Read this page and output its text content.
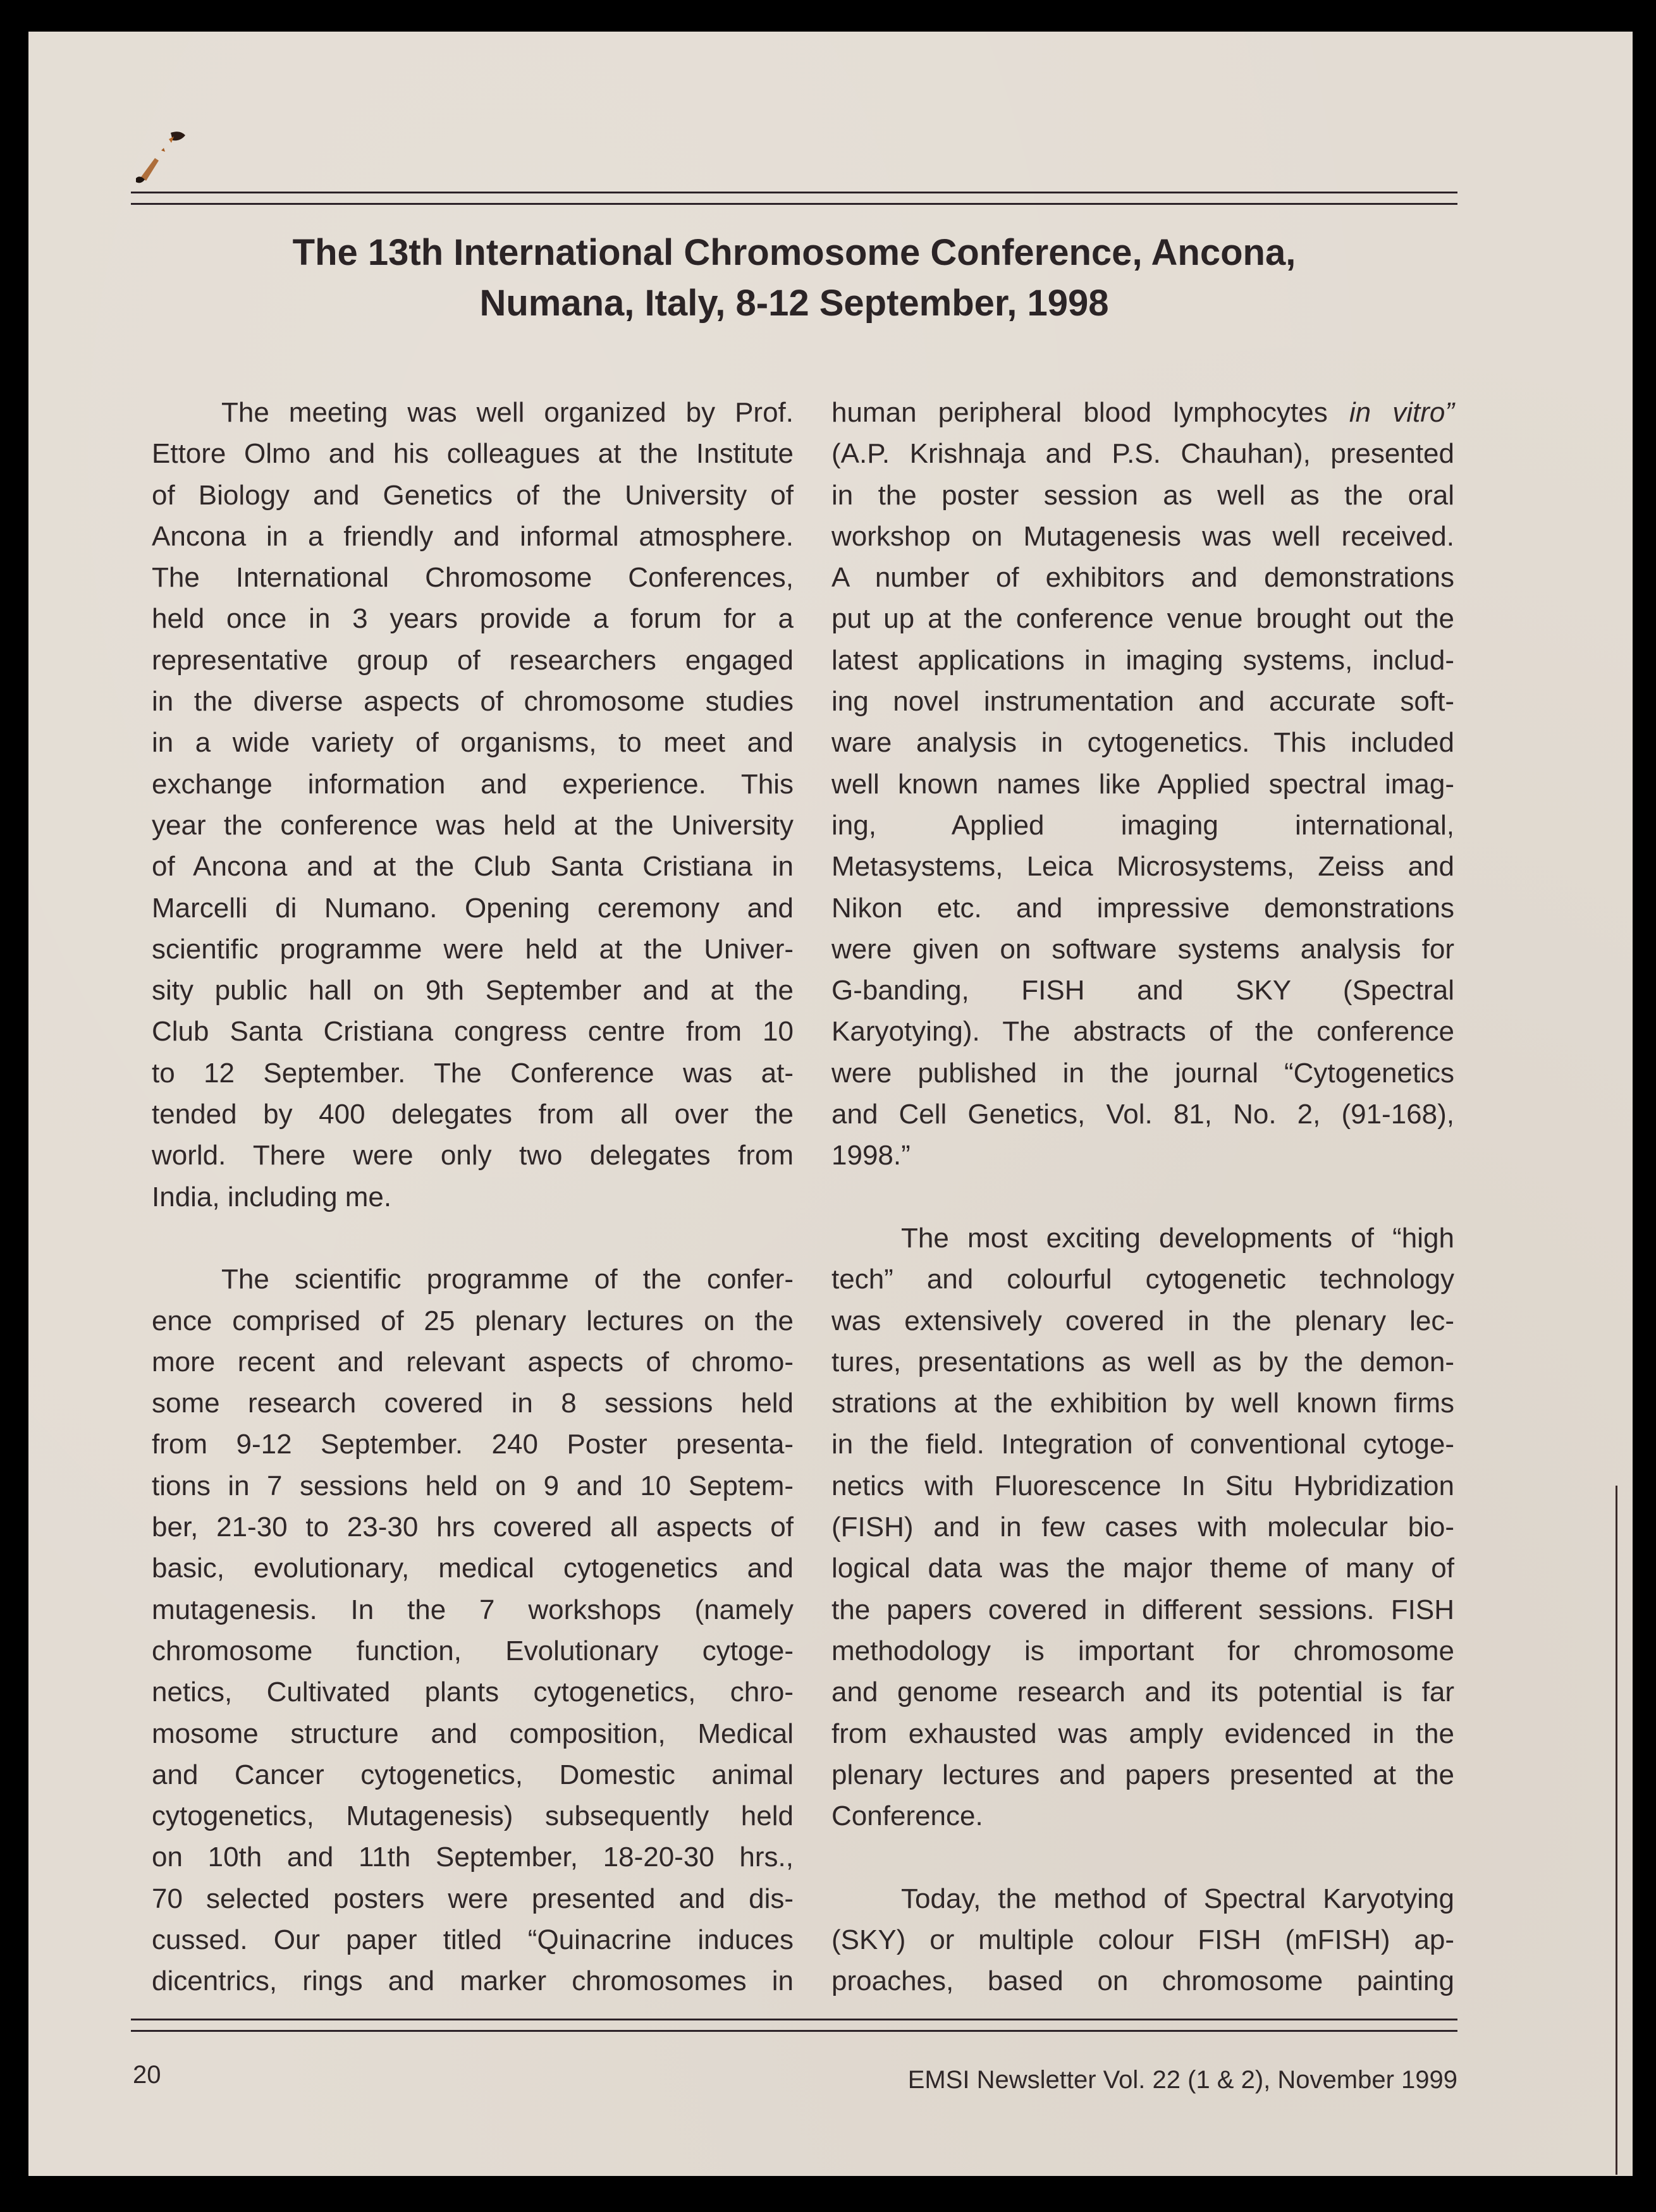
The 13th International Chromosome Conference, Ancona,
Numana, Italy, 8-12 September, 1998
The meeting was well organized by Prof.
Ettore Olmo and his colleagues at the Institute
of Biology and Genetics of the University of
Ancona in a friendly and informal atmosphere.
The International Chromosome Conferences,
held once in 3 years provide a forum for a
representative group of researchers engaged
in the diverse aspects of chromosome studies
in a wide variety of organisms, to meet and
exchange information and experience. This
year the conference was held at the University
of Ancona and at the Club Santa Cristiana in
Marcelli di Numano. Opening ceremony and
scientific programme were held at the Univer-
sity public hall on 9th September and at the
Club Santa Cristiana congress centre from 10
to 12 September. The Conference was at-
tended by 400 delegates from all over the
world. There were only two delegates from
India, including me.
The scientific programme of the confer-
ence comprised of 25 plenary lectures on the
more recent and relevant aspects of chromo-
some research covered in 8 sessions held
from 9-12 September. 240 Poster presenta-
tions in 7 sessions held on 9 and 10 Septem-
ber, 21-30 to 23-30 hrs covered all aspects of
basic, evolutionary, medical cytogenetics and
mutagenesis. In the 7 workshops (namely
chromosome function, Evolutionary cytoge-
netics, Cultivated plants cytogenetics, chro-
mosome structure and composition, Medical
and Cancer cytogenetics, Domestic animal
cytogenetics, Mutagenesis) subsequently held
on 10th and 11th September, 18-20-30 hrs.,
70 selected posters were presented and dis-
cussed. Our paper titled “Quinacrine induces
dicentrics, rings and marker chromosomes in
human peripheral blood lymphocytes in vitro”
(A.P. Krishnaja and P.S. Chauhan), presented
in the poster session as well as the oral
workshop on Mutagenesis was well received.
A number of exhibitors and demonstrations
put up at the conference venue brought out the
latest applications in imaging systems, includ-
ing novel instrumentation and accurate soft-
ware analysis in cytogenetics. This included
well known names like Applied spectral imag-
ing, Applied imaging international,
Metasystems, Leica Microsystems, Zeiss and
Nikon etc. and impressive demonstrations
were given on software systems analysis for
G-banding, FISH and SKY (Spectral
Karyotying). The abstracts of the conference
were published in the journal “Cytogenetics
and Cell Genetics, Vol. 81, No. 2, (91-168),
1998.”
The most exciting developments of “high
tech” and colourful cytogenetic technology
was extensively covered in the plenary lec-
tures, presentations as well as by the demon-
strations at the exhibition by well known firms
in the field. Integration of conventional cytoge-
netics with Fluorescence In Situ Hybridization
(FISH) and in few cases with molecular bio-
logical data was the major theme of many of
the papers covered in different sessions. FISH
methodology is important for chromosome
and genome research and its potential is far
from exhausted was amply evidenced in the
plenary lectures and papers presented at the
Conference.
Today, the method of Spectral Karyotying
(SKY) or multiple colour FISH (mFISH) ap-
proaches, based on chromosome painting
20	EMSI Newsletter Vol. 22 (1 & 2), November 1999
